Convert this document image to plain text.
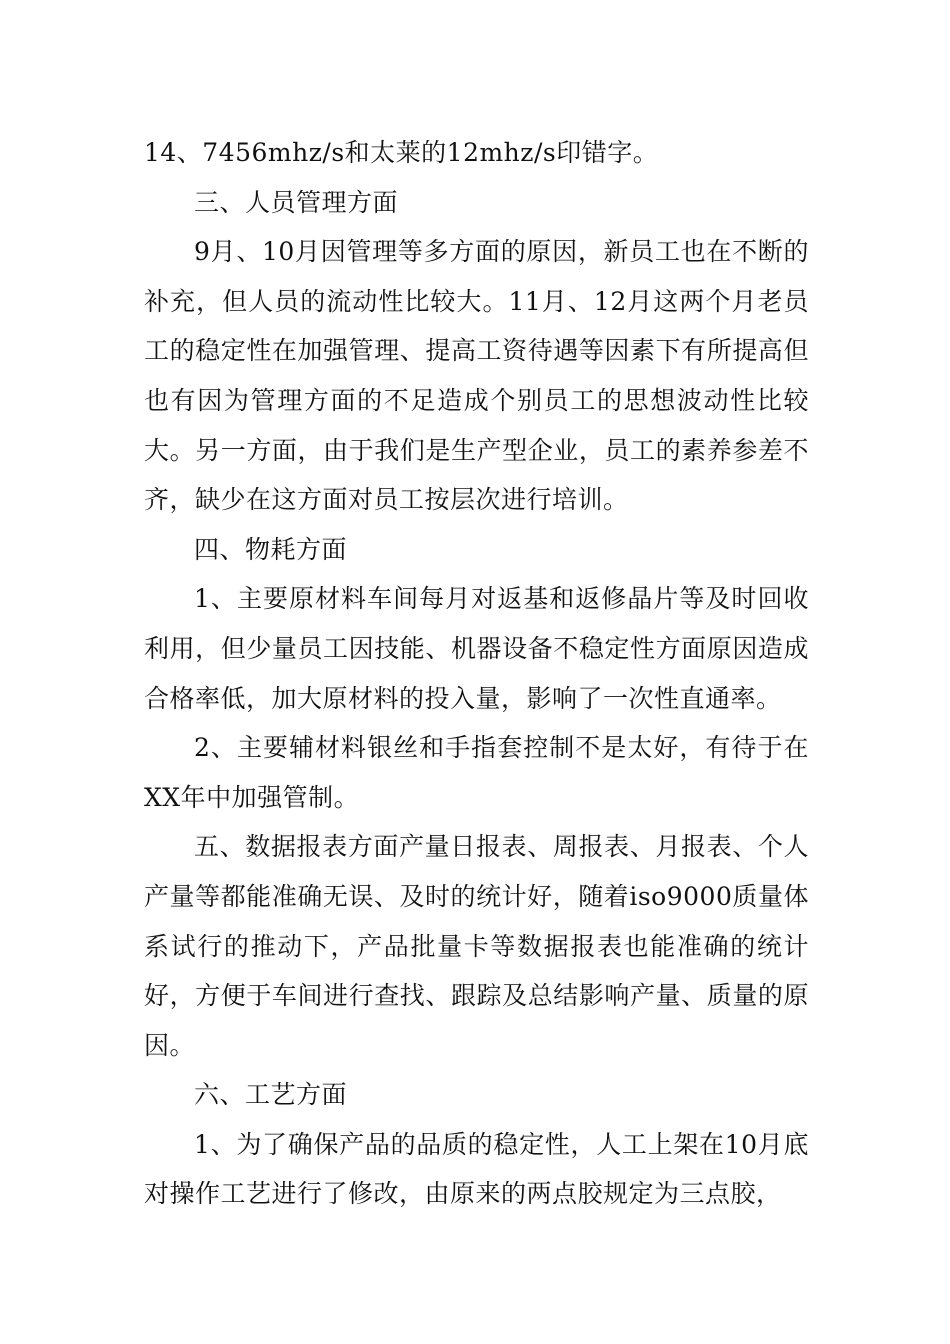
14、7456mhz/s和太莱的12mhz/s印错字。

三、人员管理方面

9月、10月因管理等多方面的原因，新员工也在不断的补充，但人员的流动性比较大。11月、12月这两个月老员工的稳定性在加强管理、提高工资待遇等因素下有所提高但也有因为管理方面的不足造成个别员工的思想波动性比较大。另一方面，由于我们是生产型企业，员工的素养参差不齐，缺少在这方面对员工按层次进行培训。

四、物耗方面

1、主要原材料车间每月对返基和返修晶片等及时回收利用，但少量员工因技能、机器设备不稳定性方面原因造成合格率低，加大原材料的投入量，影响了一次性直通率。

2、主要辅材料银丝和手指套控制不是太好，有待于在XX年中加强管制。

五、数据报表方面产量日报表、周报表、月报表、个人产量等都能准确无误、及时的统计好，随着iso9000质量体系试行的推动下，产品批量卡等数据报表也能准确的统计好，方便于车间进行查找、跟踪及总结影响产量、质量的原因。

六、工艺方面

1、为了确保产品的品质的稳定性，人工上架在10月底对操作工艺进行了修改，由原来的两点胶规定为三点胶，
